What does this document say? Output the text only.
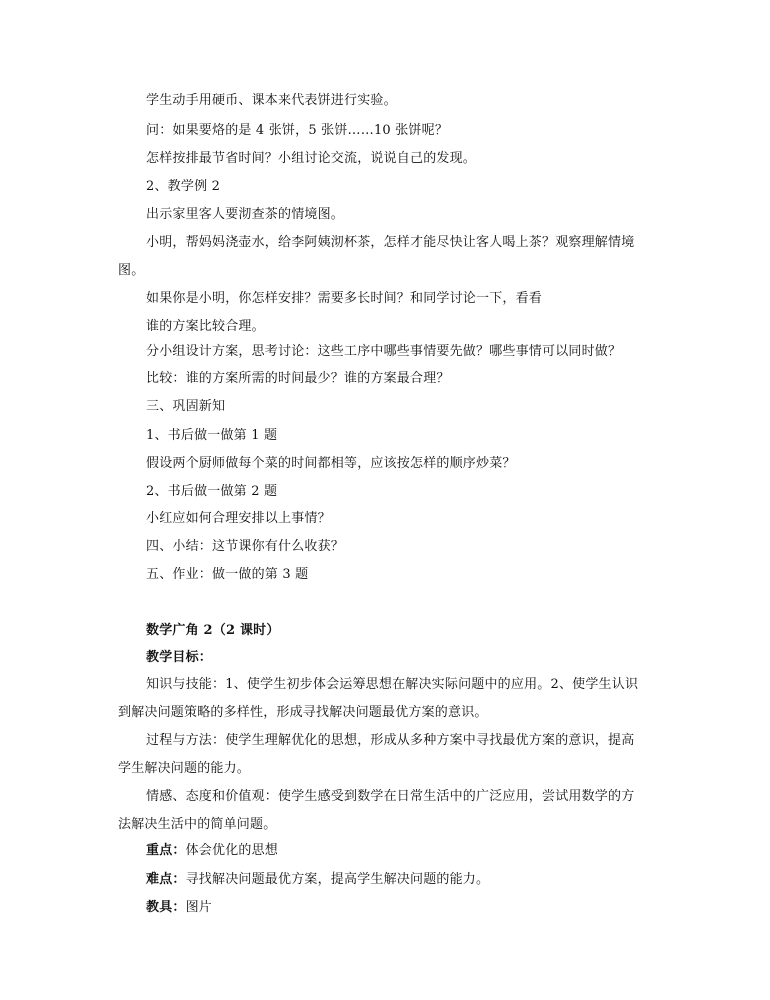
学生动手用硬币、课本来代表饼进行实验。
问：如果要烙的是 4 张饼，5 张饼……10 张饼呢？
怎样按排最节省时间？小组讨论交流，说说自己的发现。
2、教学例 2
出示家里客人要沏查茶的情境图。
小明，帮妈妈浇壶水，给李阿姨沏杯茶，怎样才能尽快让客人喝上茶？观察理解情境
图。
如果你是小明，你怎样安排？需要多长时间？和同学讨论一下，看看
谁的方案比较合理。
分小组设计方案，思考讨论：这些工序中哪些事情要先做？哪些事情可以同时做？
比较：谁的方案所需的时间最少？谁的方案最合理？
三、巩固新知
1、书后做一做第 1 题
假设两个厨师做每个菜的时间都相等，应该按怎样的顺序炒菜？
2、书后做一做第 2 题
小红应如何合理安排以上事情？
四、小结：这节课你有什么收获？
五、作业：做一做的第 3 题
数学广角 2（2 课时）
教学目标：
知识与技能：1、使学生初步体会运筹思想在解决实际问题中的应用。2、使学生认识
到解决问题策略的多样性，形成寻找解决问题最优方案的意识。
过程与方法：使学生理解优化的思想，形成从多种方案中寻找最优方案的意识，提高
学生解决问题的能力。
情感、态度和价值观：使学生感受到数学在日常生活中的广泛应用，尝试用数学的方
法解决生活中的简单问题。
重点：体会优化的思想
难点：寻找解决问题最优方案，提高学生解决问题的能力。
教具：图片
